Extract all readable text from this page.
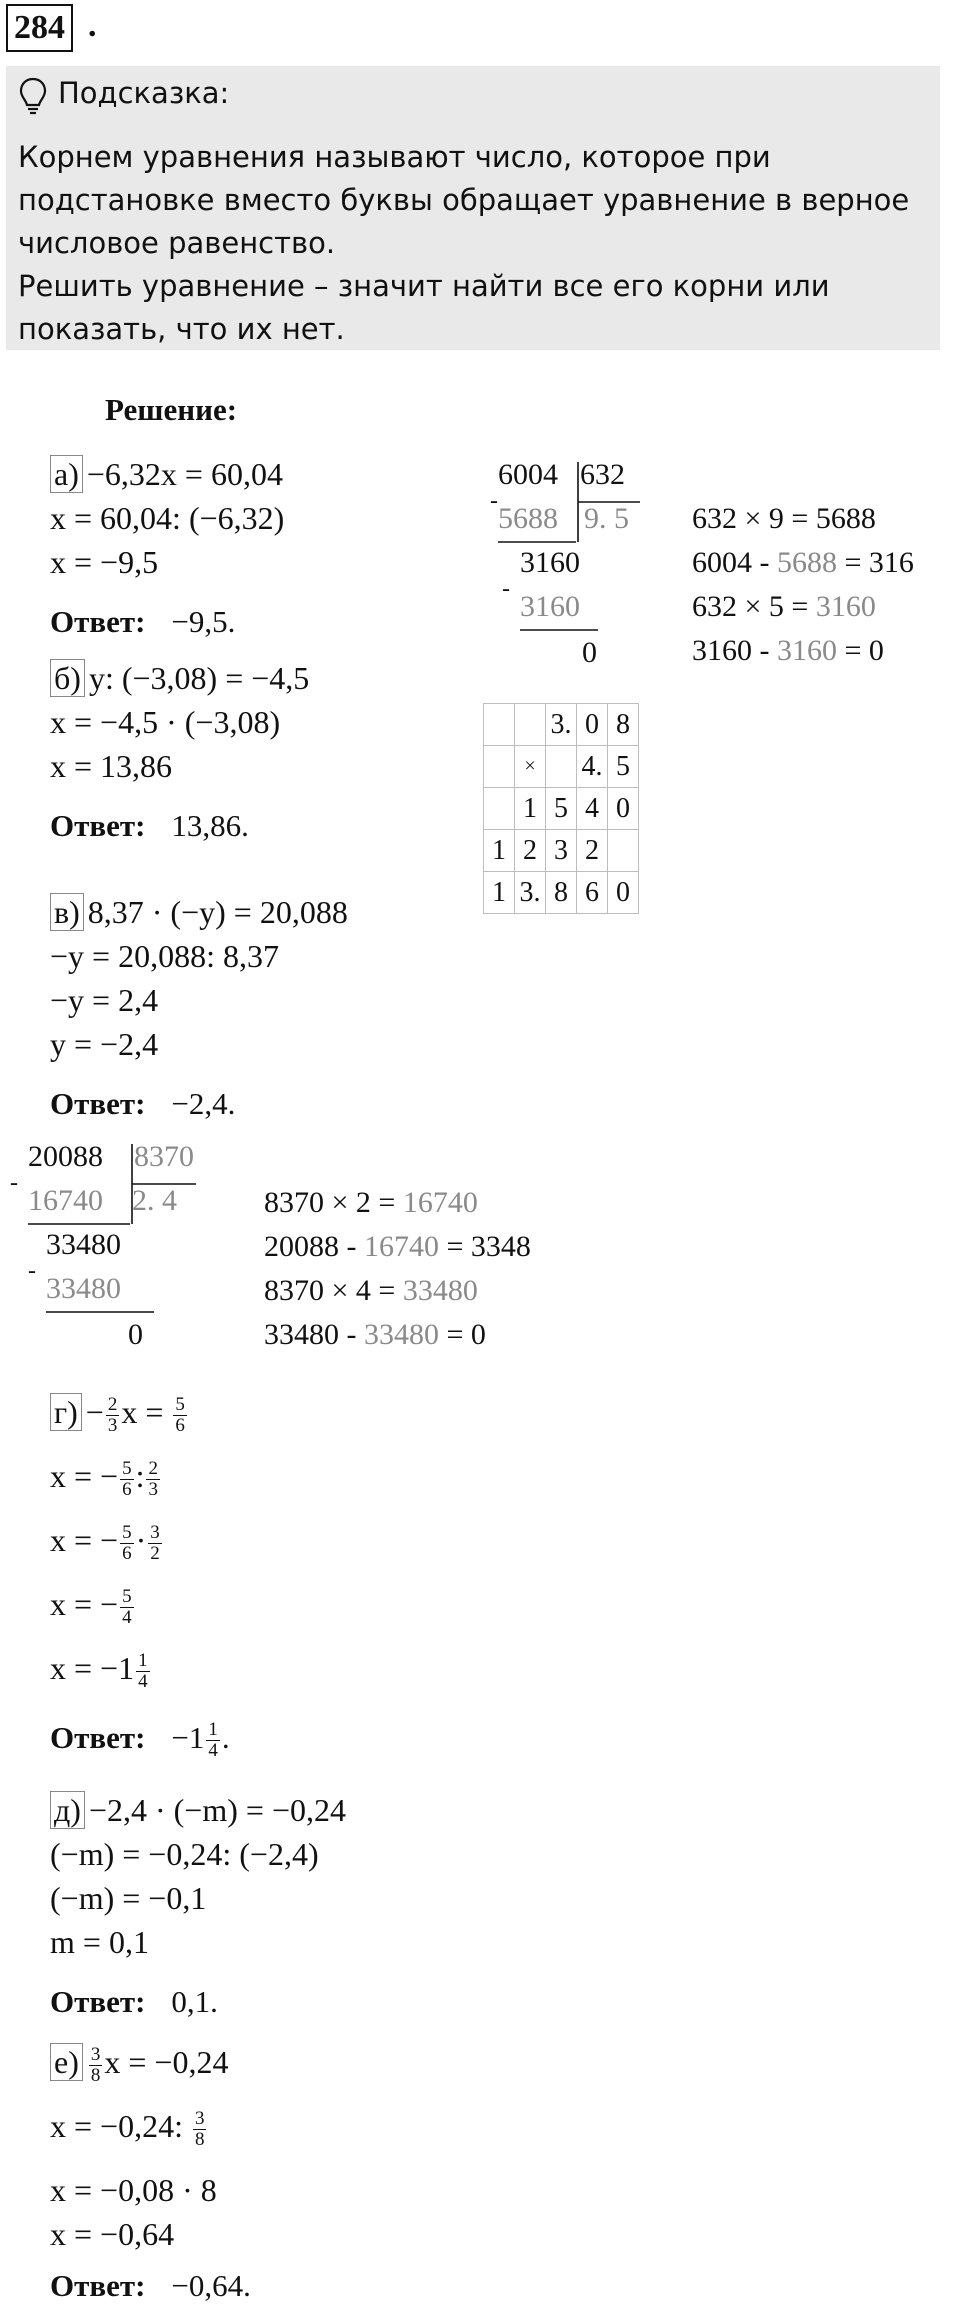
284 .
Подсказка:
Корнем уравнения называют число, которое при подстановке вместо буквы обращает уравнение в верное числовое равенство.
Решить уравнение – значит найти все его корни или показать, что их нет.
Решение:
а) −6,32x = 60,04
x = 60,04: (−6,32)
x = −9,5
Ответ: −9,5.
6004 632
-
5688 9. 5
3160
-
3160
0
632 × 9 = 5688
6004 - 5688 = 316
632 × 5 = 3160
3160 - 3160 = 0
б) y: (−3,08) = −4,5
x = −4,5 · (−3,08)
x = 13,86
Ответ: 13,86.
		3.	0	8
	×		4.	5
	1	5	4	0
1	2	3	2	
1	3.	8	6	0
в) 8,37 · (−y) = 20,088
−y = 20,088: 8,37
−y = 2,4
y = −2,4
Ответ: −2,4.
20088 8370
-
16740 2. 4
33480
-
33480
0
8370 × 2 = 16740
20088 - 16740 = 3348
8370 × 4 = 33480
33480 - 33480 = 0
$г) - \frac{2}{3}$ $x = \frac{5}{6}$
x = − $\frac{5}{6}$ : $\frac{2}{3}$
x = − $\frac{5}{6} \cdot \frac{3}{2}$
x = − $\frac{5}{4}$
$x = -1 \frac{1}{4}$
Ответ: $-1 \frac{1}{4}$ .
д) −2,4 · (−m) = −0,24
(−m) = −0,24: (−2,4)
(−m) = −0,1
m = 0,1
Ответ: 0,1.
$е) \frac{3}{8}$ x = −0,24
x = −0,24: $\frac{3}{8}$
x = −0,08 · 8
x = −0,64
Ответ: −0,64.
